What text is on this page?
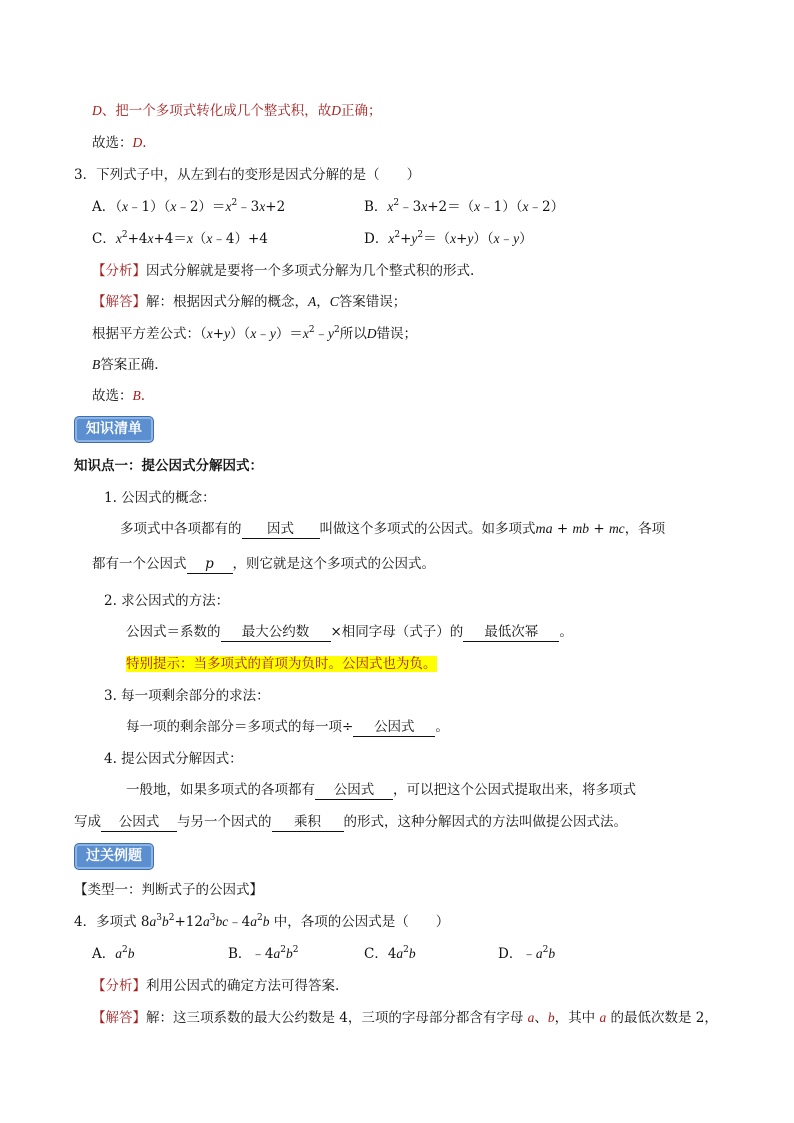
D、把一个多项式转化成几个整式积，故D正确；
故选：D.
3．下列式子中，从左到右的变形是因式分解的是（　　）
A．$(x﹣1)(x﹣2)=x^2﹣3x+2$	B．$x^2﹣3x+2=(x﹣1)(x﹣2)$
C．$x^2+4x+4=x(x﹣4)+4$	D．$x^2+y^2=(x+y)(x﹣y)$
【分析】因式分解就是要将一个多项式分解为几个整式积的形式.
【解答】解：根据因式分解的概念，A，C答案错误；
根据平方差公式：$(x+y)(x﹣y)=x^2﹣y^2$所以D错误；
B答案正确.
故选：B.
知识清单
知识点一：提公因式分解因式：
1. 公因式的概念：
多项式中各项都有的 因式 叫做这个多项式的公因式。如多项式ma + mb + mc，各项
都有一个公因式 p ，则它就是这个多项式的公因式。
2. 求公因式的方法：
公因式＝系数的 最大公约数 ×相同字母（式子）的 最低次幂 。
特别提示：当多项式的首项为负时。公因式也为负。
3. 每一项剩余部分的求法：
每一项的剩余部分＝多项式的每一项÷ 公因式 。
4. 提公因式分解因式：
一般地，如果多项式的各项都有 公因式 ，可以把这个公因式提取出来，将多项式
写成 公因式 与另一个因式的 乘积 的形式，这种分解因式的方法叫做提公因式法。
过关例题
【类型一：判断式子的公因式】
4．多项式 $8a^3b^2+12a^3bc﹣4a^2b$ 中，各项的公因式是（　　）
A．$a^2b$	B．$﹣4a^2b^2$	C．$4a^2b$	D．$﹣a^2b$
【分析】利用公因式的确定方法可得答案.
【解答】解：这三项系数的最大公约数是 4，三项的字母部分都含有字母 a、b，其中 a 的最低次数是 2，
